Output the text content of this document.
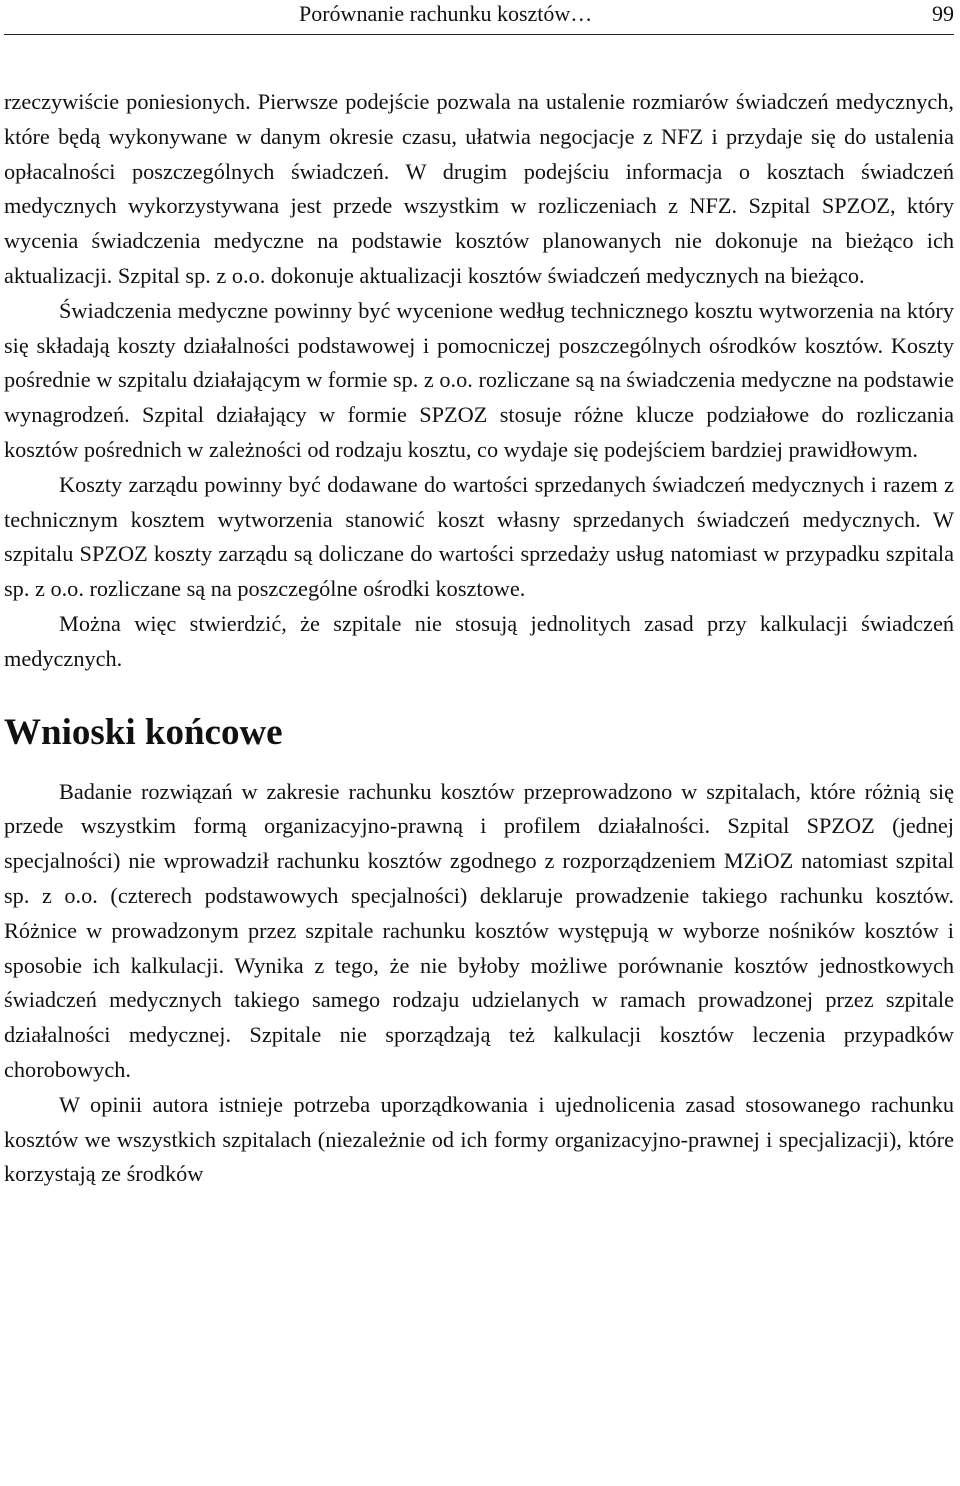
Porównanie rachunku kosztów…	99

rzeczywiście poniesionych. Pierwsze podejście pozwala na ustalenie rozmiarów świadczeń medycznych, które będą wykonywane w danym okresie czasu, ułatwia negocjacje z NFZ i przydaje się do ustalenia opłacalności poszczególnych świadczeń. W drugim podejściu informacja o kosztach świadczeń medycznych wykorzystywana jest przede wszystkim w rozliczeniach z NFZ. Szpital SPZOZ, który wycenia świadczenia medyczne na podstawie kosztów planowanych nie dokonuje na bieżąco ich aktualizacji. Szpital sp. z o.o. dokonuje aktualizacji kosztów świadczeń medycznych na bieżąco.

Świadczenia medyczne powinny być wycenione według technicznego kosztu wytworzenia na który się składają koszty działalności podstawowej i pomocniczej poszczególnych ośrodków kosztów. Koszty pośrednie w szpitalu działającym w formie sp. z o.o. rozliczane są na świadczenia medyczne na podstawie wynagrodzeń. Szpital działający w formie SPZOZ stosuje różne klucze podziałowe do rozliczania kosztów pośrednich w zależności od rodzaju kosztu, co wydaje się podejściem bardziej prawidłowym.

Koszty zarządu powinny być dodawane do wartości sprzedanych świadczeń medycznych i razem z technicznym kosztem wytworzenia stanowić koszt własny sprzedanych świadczeń medycznych. W szpitalu SPZOZ koszty zarządu są doliczane do wartości sprzedaży usług natomiast w przypadku szpitala sp. z o.o. rozliczane są na poszczególne ośrodki kosztowe.

Można więc stwierdzić, że szpitale nie stosują jednolitych zasad przy kalkulacji świadczeń medycznych.

Wnioski końcowe

Badanie rozwiązań w zakresie rachunku kosztów przeprowadzono w szpitalach, które różnią się przede wszystkim formą organizacyjno-prawną i profilem działalności. Szpital SPZOZ (jednej specjalności) nie wprowadził rachunku kosztów zgodnego z rozporządzeniem MZiOZ natomiast szpital sp. z o.o. (czterech podstawowych specjalności) deklaruje prowadzenie takiego rachunku kosztów. Różnice w prowadzonym przez szpitale rachunku kosztów występują w wyborze nośników kosztów i sposobie ich kalkulacji. Wynika z tego, że nie byłoby możliwe porównanie kosztów jednostkowych świadczeń medycznych takiego samego rodzaju udzielanych w ramach prowadzonej przez szpitale działalności medycznej. Szpitale nie sporządzają też kalkulacji kosztów leczenia przypadków chorobowych.

W opinii autora istnieje potrzeba uporządkowania i ujednolicenia zasad stosowanego rachunku kosztów we wszystkich szpitalach (niezależnie od ich formy organizacyjno-prawnej i specjalizacji), które korzystają ze środków
